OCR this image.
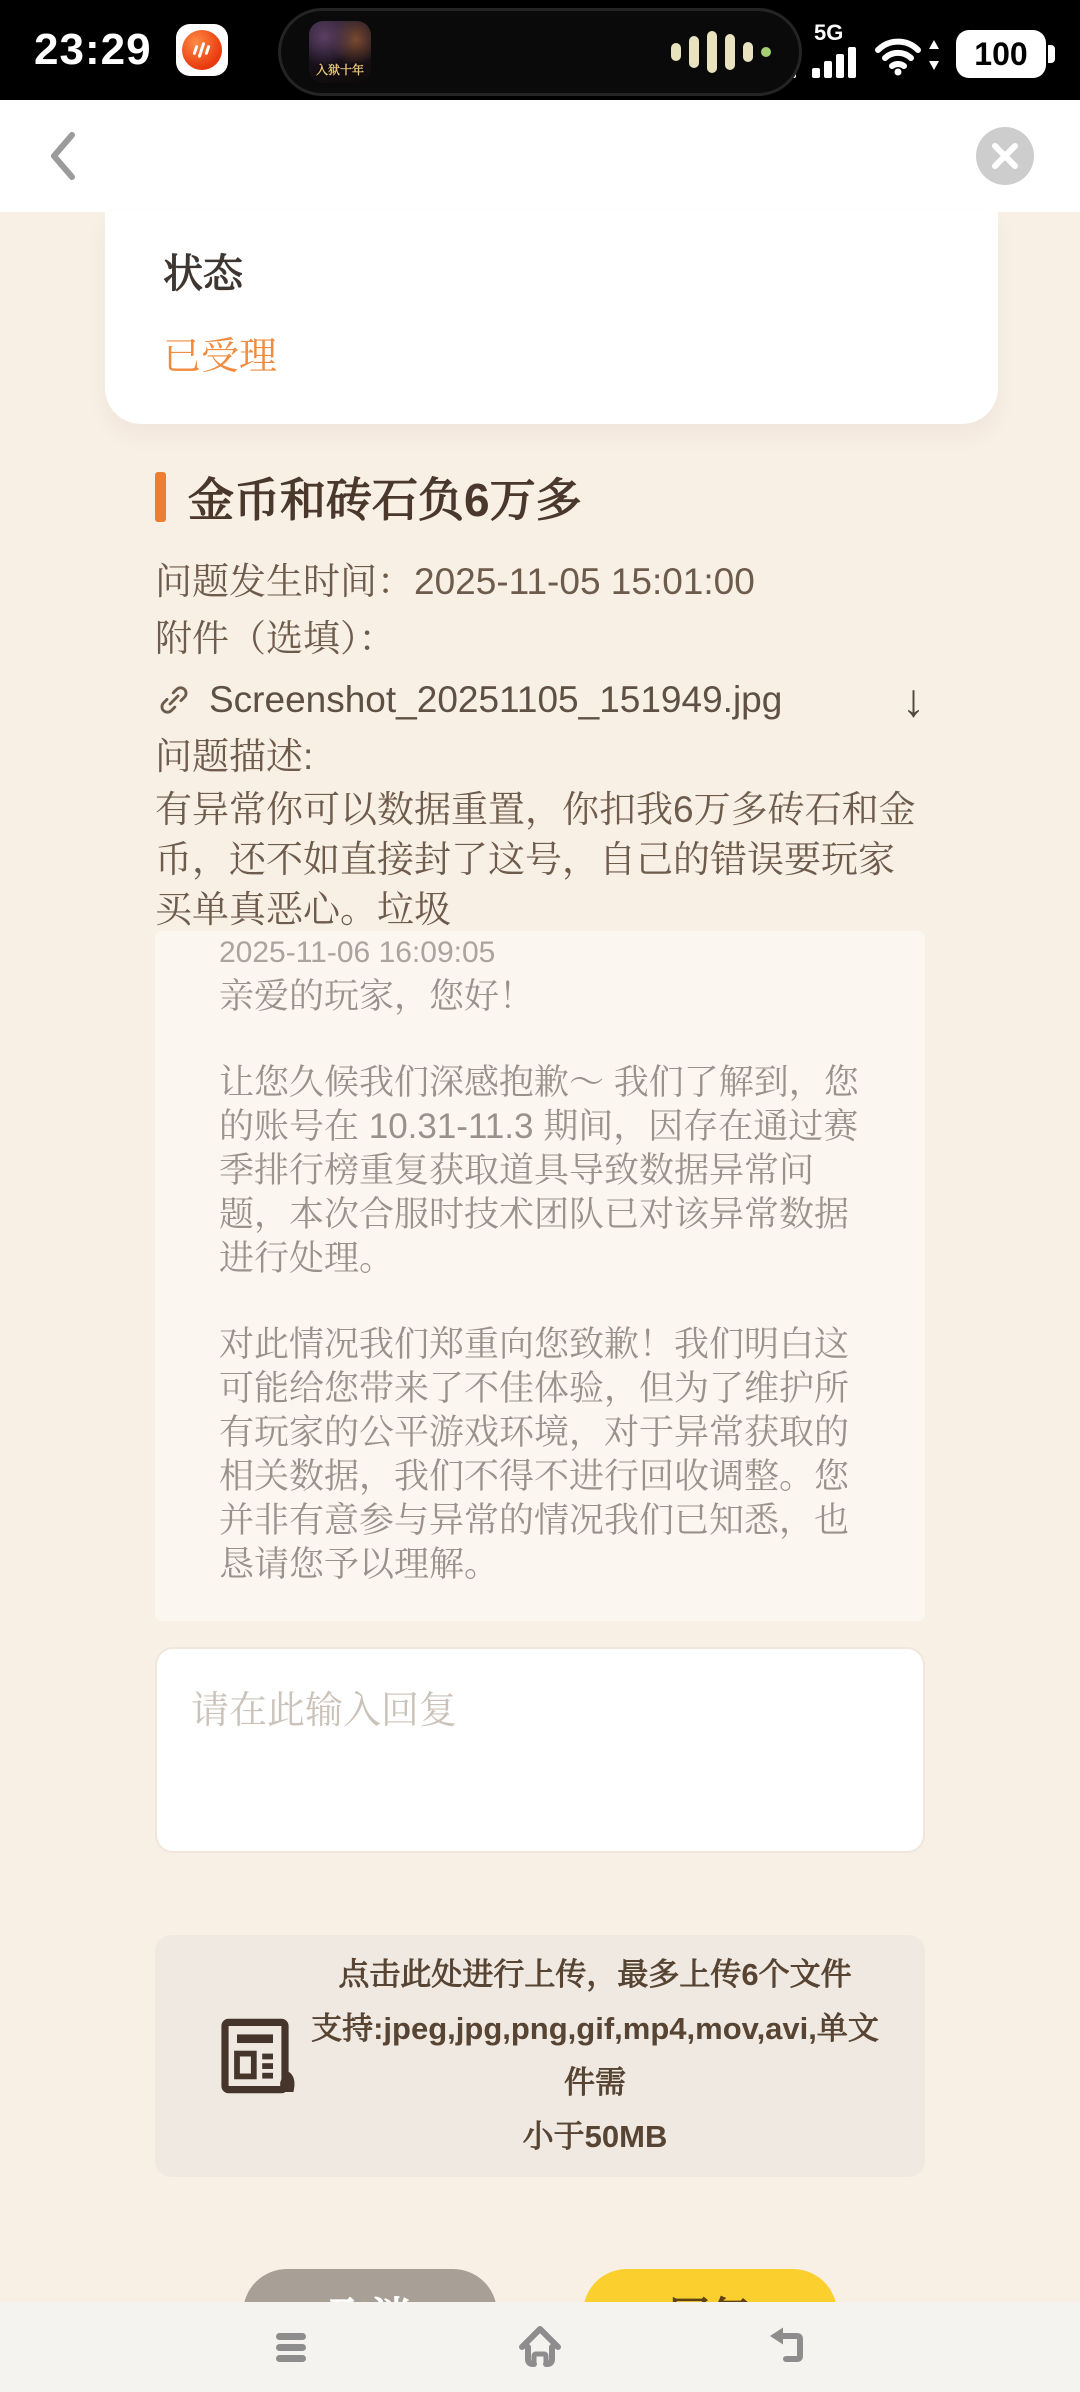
23:29	入狱十年
5G
100
状态
已受理
金币和砖石负6万多
问题发生时间：2025-11-05 15:01:00
附件（选填）：
Screenshot_20251105_151949.jpg	↓
问题描述:
有异常你可以数据重置，你扣我6万多砖石和金币，还不如直接封了这号，自己的错误要玩家买单真恶心。垃圾
2025-11-06 16:09:05

亲爱的玩家，您好！

让您久候我们深感抱歉～ 我们了解到，您的账号在 10.31-11.3 期间，因存在通过赛季排行榜重复获取道具导致数据异常问题，本次合服时技术团队已对该异常数据进行处理。

对此情况我们郑重向您致歉！我们明白这可能给您带来了不佳体验，但为了维护所有玩家的公平游戏环境，对于异常获取的相关数据，我们不得不进行回收调整。您并非有意参与异常的情况我们已知悉，也恳请您予以理解。

请在此输入回复
点击此处进行上传，最多上传6个文件
支持:jpeg,jpg,png,gif,mp4,mov,avi,单文件需
小于50MB
